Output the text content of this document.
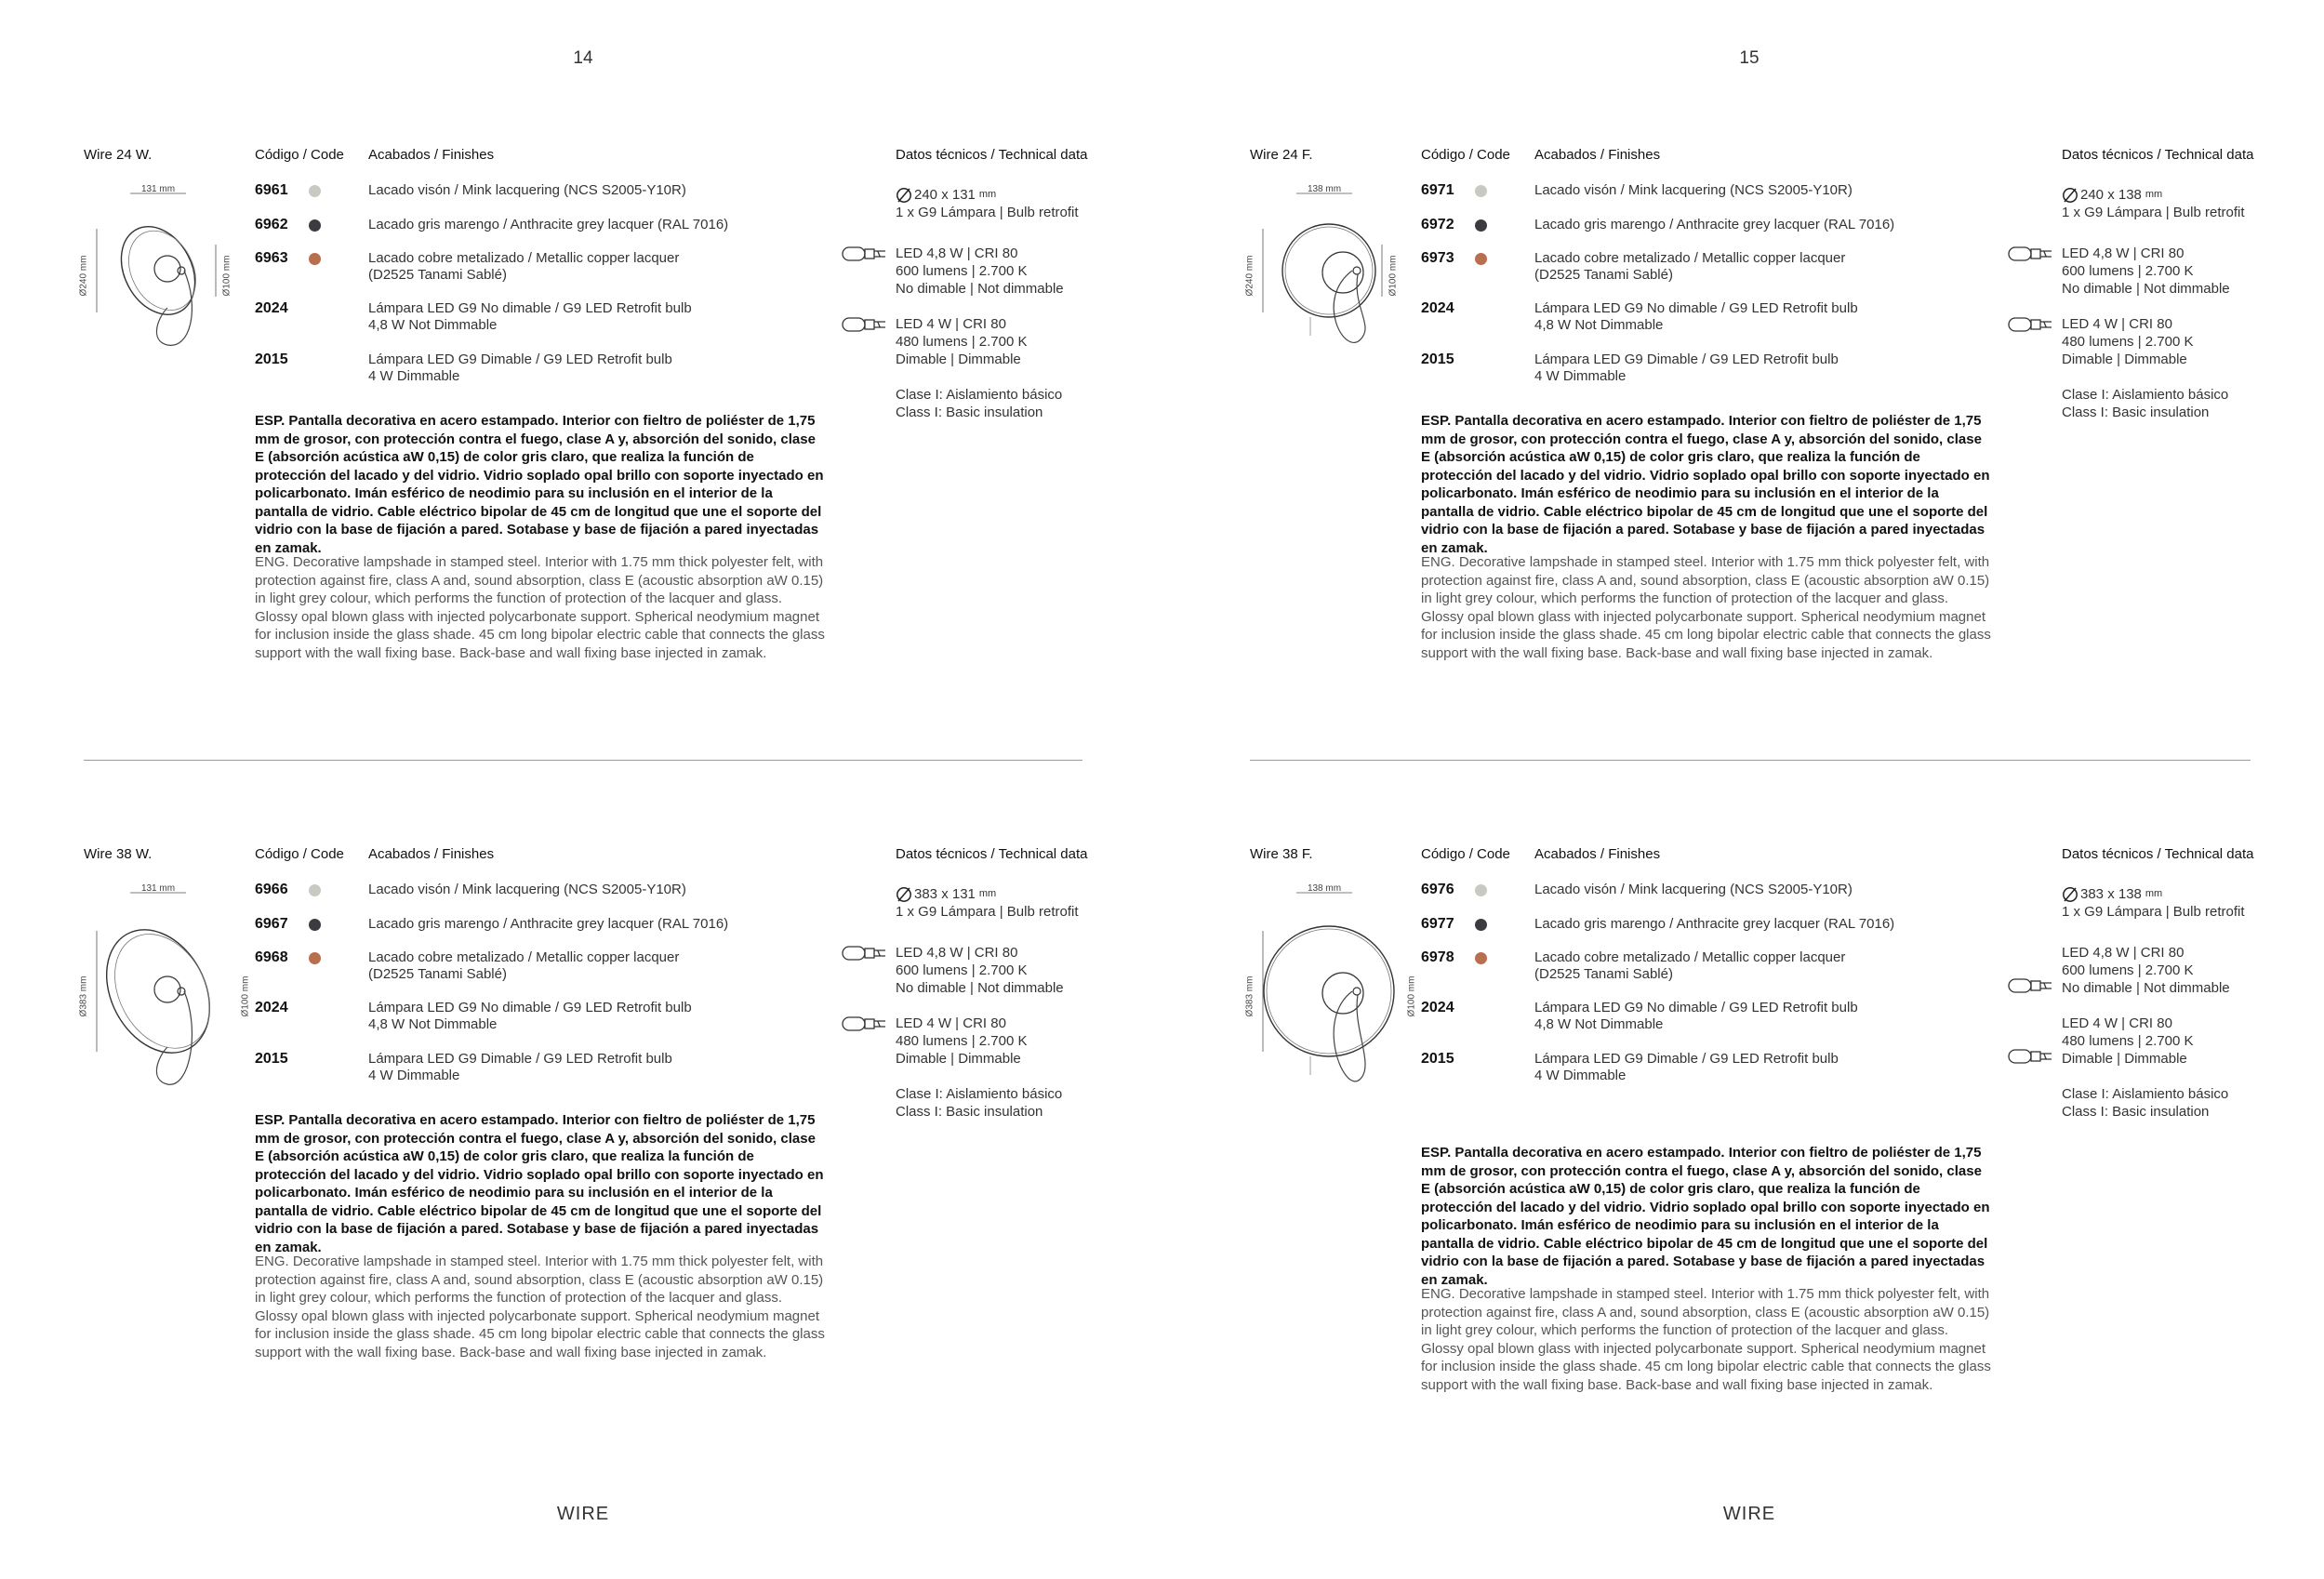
14	15
WIRE	WIRE
Wire 24 W.	Código / Code Acabados / Finishes	Datos técnicos / Technical data
131 mm
Ø240 mm	Ø100 mm
6961	Lacado visón / Mink lacquering (NCS S2005-Y10R)
6962	Lacado gris marengo / Anthracite grey lacquer (RAL 7016)
6963	Lacado cobre metalizado / Metallic copper lacquer
(D2525 Tanami Sablé)
2024	Lámpara LED G9 No dimable / G9 LED Retrofit bulb
4,8 W Not Dimmable
2015	Lámpara LED G9 Dimable / G9 LED Retrofit bulb
4 W Dimmable
ESP. Pantalla decorativa en acero estampado. Interior con fieltro de poliéster de 1,75 mm de grosor, con protección contra el fuego, clase A y, absorción del sonido, clase E (absorción acústica aW 0,15) de color gris claro, que realiza la función de protección del lacado y del vidrio. Vidrio soplado opal brillo con soporte inyectado en policarbonato. Imán esférico de neodimio para su inclusión en el interior de la pantalla de vidrio. Cable eléctrico bipolar de 45 cm de longitud que une el soporte del vidrio con la base de fijación a pared. Sotabase y base de fijación a pared inyectadas en zamak.
ENG. Decorative lampshade in stamped steel. Interior with 1.75 mm thick polyester felt, with protection against fire, class A and, sound absorption, class E (acoustic absorption aW 0.15) in light grey colour, which performs the function of protection of the lacquer and glass. Glossy opal blown glass with injected polycarbonate support. Spherical neodymium magnet for inclusion inside the glass shade. 45 cm long bipolar electric cable that connects the glass support with the wall fixing base. Back-base and wall fixing base injected in zamak.
240 x 131 mm

1 x G9 Lámpara | Bulb retrofit

LED 4,8 W | CRI 80

600 lumens | 2.700 K

No dimable | Not dimmable

LED 4 W | CRI 80

480 lumens | 2.700 K

Dimable | Dimmable

Clase I: Aislamiento básico

Class I: Basic insulation

Wire 24 F.	Código / Code Acabados / Finishes	Datos técnicos / Technical data
138 mm
Ø240 mm	Ø100 mm
6971	Lacado visón / Mink lacquering (NCS S2005-Y10R)
6972	Lacado gris marengo / Anthracite grey lacquer (RAL 7016)
6973	Lacado cobre metalizado / Metallic copper lacquer
(D2525 Tanami Sablé)
2024	Lámpara LED G9 No dimable / G9 LED Retrofit bulb
4,8 W Not Dimmable
2015	Lámpara LED G9 Dimable / G9 LED Retrofit bulb
4 W Dimmable
ESP. Pantalla decorativa en acero estampado. Interior con fieltro de poliéster de 1,75 mm de grosor, con protección contra el fuego, clase A y, absorción del sonido, clase E (absorción acústica aW 0,15) de color gris claro, que realiza la función de protección del lacado y del vidrio. Vidrio soplado opal brillo con soporte inyectado en policarbonato. Imán esférico de neodimio para su inclusión en el interior de la pantalla de vidrio. Cable eléctrico bipolar de 45 cm de longitud que une el soporte del vidrio con la base de fijación a pared. Sotabase y base de fijación a pared inyectadas en zamak.
ENG. Decorative lampshade in stamped steel. Interior with 1.75 mm thick polyester felt, with protection against fire, class A and, sound absorption, class E (acoustic absorption aW 0.15) in light grey colour, which performs the function of protection of the lacquer and glass. Glossy opal blown glass with injected polycarbonate support. Spherical neodymium magnet for inclusion inside the glass shade. 45 cm long bipolar electric cable that connects the glass support with the wall fixing base. Back-base and wall fixing base injected in zamak.
240 x 138 mm

1 x G9 Lámpara | Bulb retrofit

LED 4,8 W | CRI 80

600 lumens | 2.700 K

No dimable | Not dimmable

LED 4 W | CRI 80

480 lumens | 2.700 K

Dimable | Dimmable

Clase I: Aislamiento básico

Class I: Basic insulation

Wire 38 W.	Código / Code Acabados / Finishes	Datos técnicos / Technical data
131 mm
Ø383 mm	Ø100 mm
6966	Lacado visón / Mink lacquering (NCS S2005-Y10R)
6967	Lacado gris marengo / Anthracite grey lacquer (RAL 7016)
6968	Lacado cobre metalizado / Metallic copper lacquer
(D2525 Tanami Sablé)
2024	Lámpara LED G9 No dimable / G9 LED Retrofit bulb
4,8 W Not Dimmable
2015	Lámpara LED G9 Dimable / G9 LED Retrofit bulb
4 W Dimmable
ESP. Pantalla decorativa en acero estampado. Interior con fieltro de poliéster de 1,75 mm de grosor, con protección contra el fuego, clase A y, absorción del sonido, clase E (absorción acústica aW 0,15) de color gris claro, que realiza la función de protección del lacado y del vidrio. Vidrio soplado opal brillo con soporte inyectado en policarbonato. Imán esférico de neodimio para su inclusión en el interior de la pantalla de vidrio. Cable eléctrico bipolar de 45 cm de longitud que une el soporte del vidrio con la base de fijación a pared. Sotabase y base de fijación a pared inyectadas en zamak.
ENG. Decorative lampshade in stamped steel. Interior with 1.75 mm thick polyester felt, with protection against fire, class A and, sound absorption, class E (acoustic absorption aW 0.15) in light grey colour, which performs the function of protection of the lacquer and glass. Glossy opal blown glass with injected polycarbonate support. Spherical neodymium magnet for inclusion inside the glass shade. 45 cm long bipolar electric cable that connects the glass support with the wall fixing base. Back-base and wall fixing base injected in zamak.
383 x 131 mm

1 x G9 Lámpara | Bulb retrofit

LED 4,8 W | CRI 80

600 lumens | 2.700 K

No dimable | Not dimmable

LED 4 W | CRI 80

480 lumens | 2.700 K

Dimable | Dimmable

Clase I: Aislamiento básico

Class I: Basic insulation

Wire 38 F.	Código / Code Acabados / Finishes	Datos técnicos / Technical data
138 mm
Ø383 mm	Ø100 mm
6976	Lacado visón / Mink lacquering (NCS S2005-Y10R)
6977	Lacado gris marengo / Anthracite grey lacquer (RAL 7016)
6978	Lacado cobre metalizado / Metallic copper lacquer
(D2525 Tanami Sablé)
2024	Lámpara LED G9 No dimable / G9 LED Retrofit bulb
4,8 W Not Dimmable
2015	Lámpara LED G9 Dimable / G9 LED Retrofit bulb
4 W Dimmable
ESP. Pantalla decorativa en acero estampado. Interior con fieltro de poliéster de 1,75 mm de grosor, con protección contra el fuego, clase A y, absorción del sonido, clase E (absorción acústica aW 0,15) de color gris claro, que realiza la función de protección del lacado y del vidrio. Vidrio soplado opal brillo con soporte inyectado en policarbonato. Imán esférico de neodimio para su inclusión en el interior de la pantalla de vidrio. Cable eléctrico bipolar de 45 cm de longitud que une el soporte del vidrio con la base de fijación a pared. Sotabase y base de fijación a pared inyectadas en zamak.
ENG. Decorative lampshade in stamped steel. Interior with 1.75 mm thick polyester felt, with protection against fire, class A and, sound absorption, class E (acoustic absorption aW 0.15) in light grey colour, which performs the function of protection of the lacquer and glass. Glossy opal blown glass with injected polycarbonate support. Spherical neodymium magnet for inclusion inside the glass shade. 45 cm long bipolar electric cable that connects the glass support with the wall fixing base. Back-base and wall fixing base injected in zamak.
383 x 138 mm

1 x G9 Lámpara | Bulb retrofit

LED 4,8 W | CRI 80

600 lumens | 2.700 K

No dimable | Not dimmable

LED 4 W | CRI 80

480 lumens | 2.700 K

Dimable | Dimmable

Clase I: Aislamiento básico

Class I: Basic insulation
